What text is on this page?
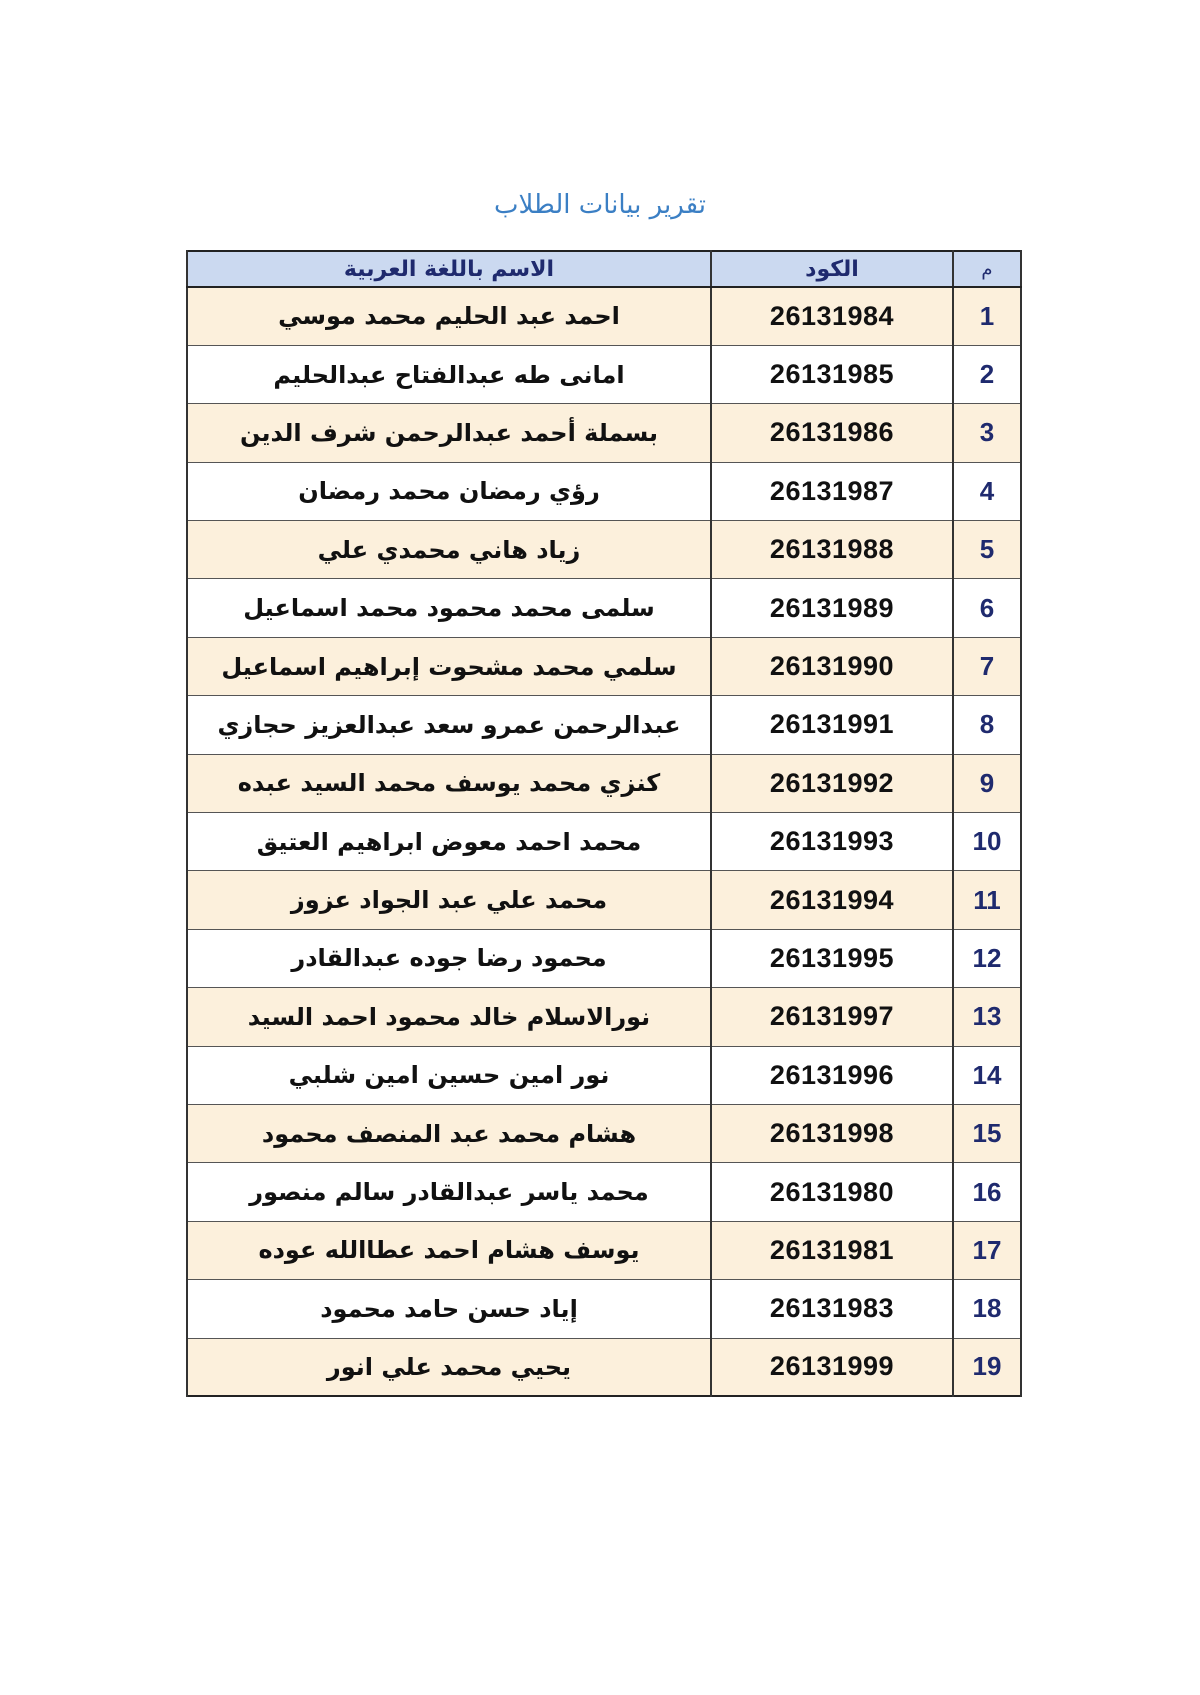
تقرير بيانات الطلاب
م	الكود	الاسم باللغة العربية
1	26131984	احمد عبد الحليم محمد موسي
2	26131985	امانى طه عبدالفتاح عبدالحليم
3	26131986	بسملة أحمد عبدالرحمن شرف الدين
4	26131987	رؤي رمضان محمد رمضان
5	26131988	زياد هاني محمدي علي
6	26131989	سلمى محمد محمود محمد اسماعيل
7	26131990	سلمي محمد مشحوت إبراهيم اسماعيل
8	26131991	عبدالرحمن عمرو سعد عبدالعزيز حجازي
9	26131992	كنزي محمد يوسف محمد السيد عبده
10	26131993	محمد احمد معوض ابراهيم العتيق
11	26131994	محمد علي عبد الجواد عزوز
12	26131995	محمود رضا جوده عبدالقادر
13	26131997	نورالاسلام خالد محمود احمد السيد
14	26131996	نور امين حسين امين شلبي
15	26131998	هشام محمد عبد المنصف محمود
16	26131980	محمد ياسر عبدالقادر سالم منصور
17	26131981	يوسف هشام احمد عطاالله عوده
18	26131983	إياد حسن حامد محمود
19	26131999	يحيي محمد علي انور
